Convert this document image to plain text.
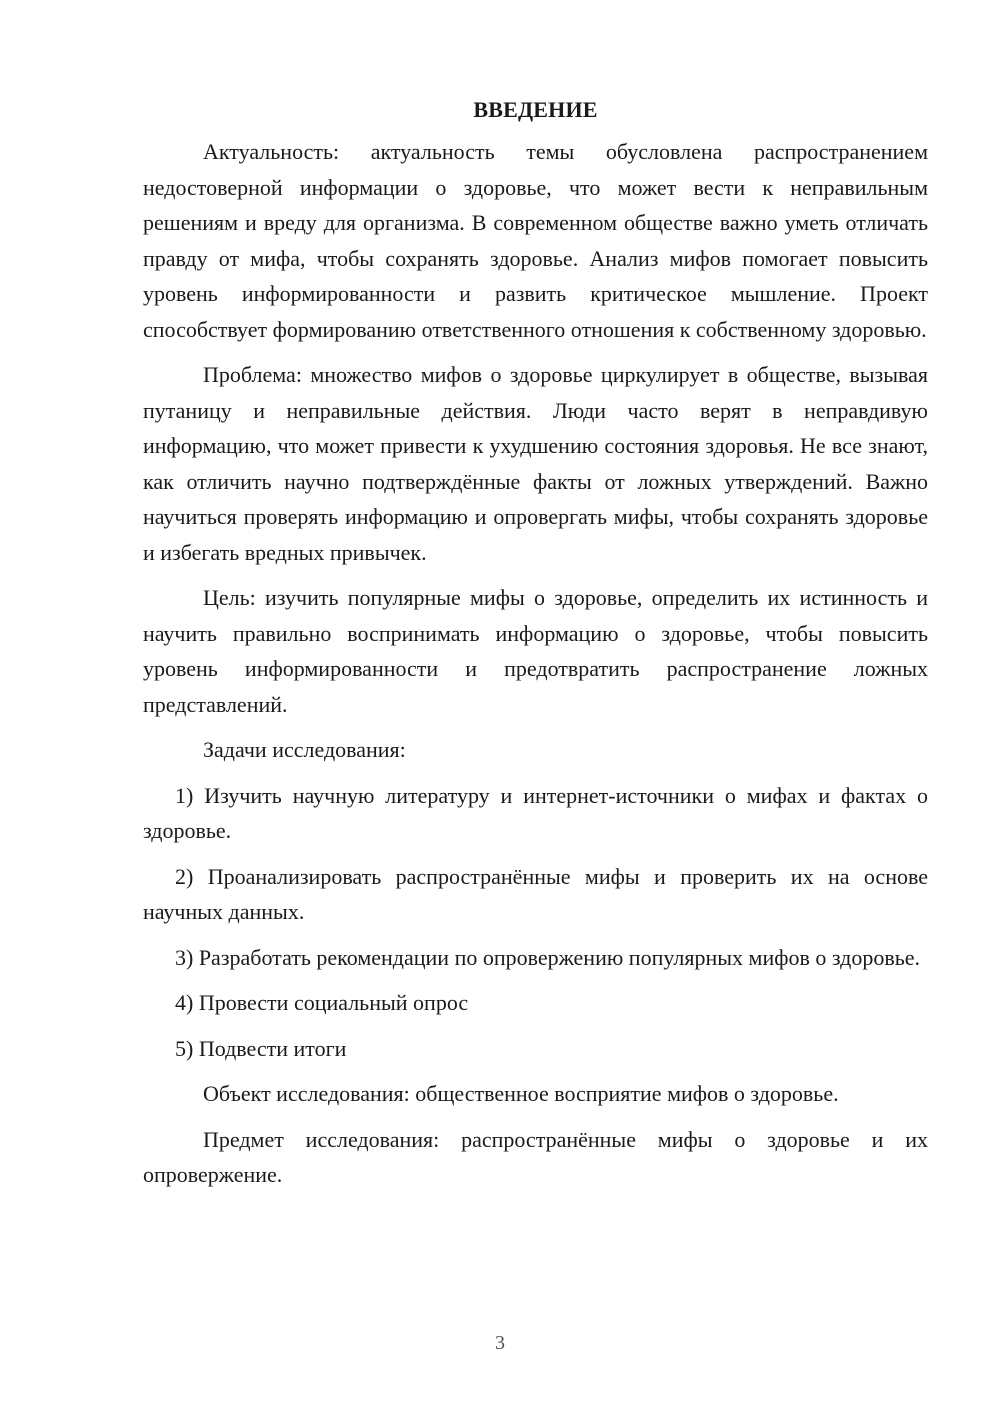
ВВЕДЕНИЕ

Актуальность: актуальность темы обусловлена распространением недостоверной информации о здоровье, что может вести к неправильным решениям и вреду для организма. В современном обществе важно уметь отличать правду от мифа, чтобы сохранять здоровье. Анализ мифов помогает повысить уровень информированности и развить критическое мышление. Проект способствует формированию ответственного отношения к собственному здоровью.

Проблема: множество мифов о здоровье циркулирует в обществе, вызывая путаницу и неправильные действия. Люди часто верят в неправдивую информацию, что может привести к ухудшению состояния здоровья. Не все знают, как отличить научно подтверждённые факты от ложных утверждений. Важно научиться проверять информацию и опровергать мифы, чтобы сохранять здоровье и избегать вредных привычек.

Цель: изучить популярные мифы о здоровье, определить их истинность и научить правильно воспринимать информацию о здоровье, чтобы повысить уровень информированности и предотвратить распространение ложных представлений.

Задачи исследования:

1) Изучить научную литературу и интернет-источники о мифах и фактах о здоровье.

2) Проанализировать распространённые мифы и проверить их на основе научных данных.

3) Разработать рекомендации по опровержению популярных мифов о здоровье.

4) Провести социальный опрос

5) Подвести итоги

Объект исследования: общественное восприятие мифов о здоровье.

Предмет исследования: распространённые мифы о здоровье и их опровержение.

3
